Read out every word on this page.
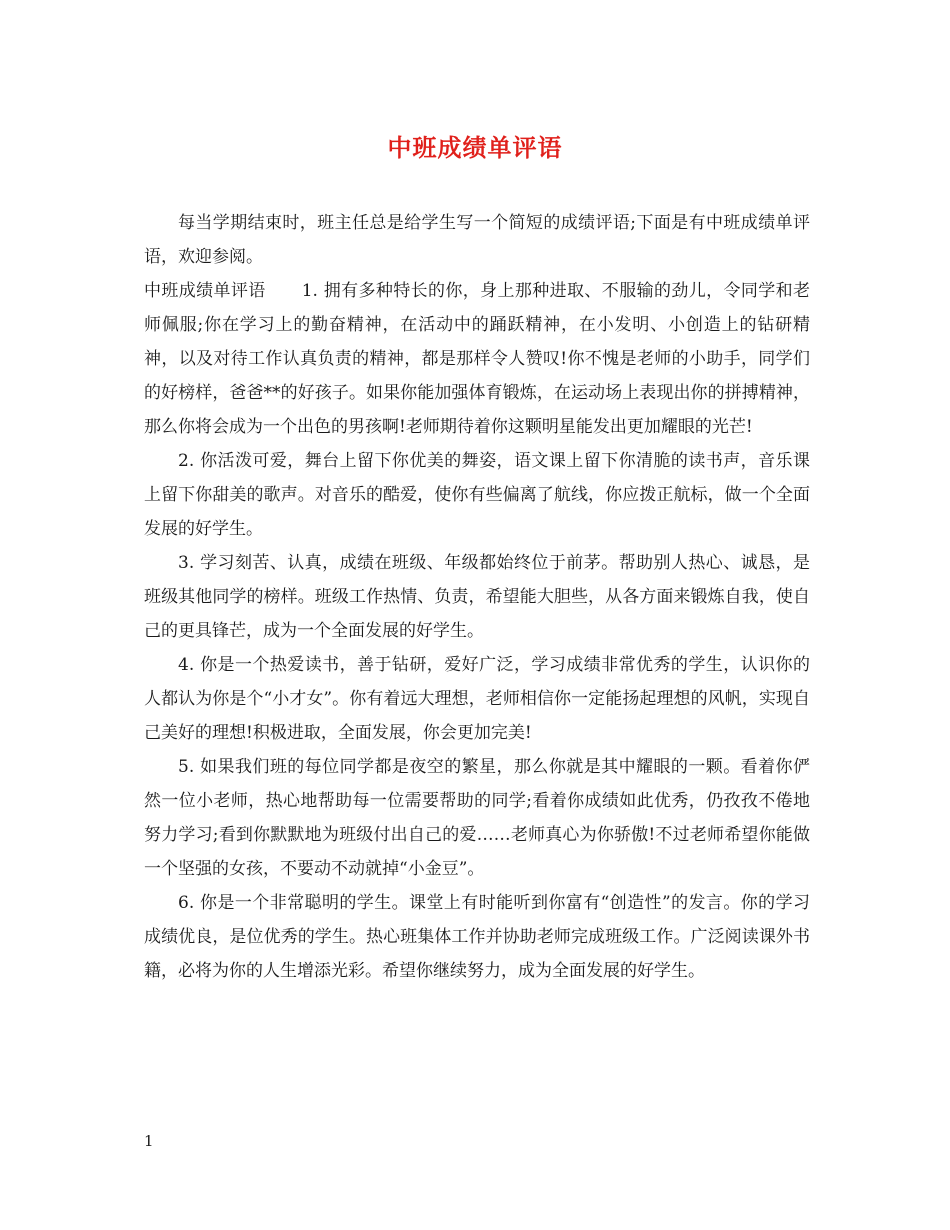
中班成绩单评语

每当学期结束时，班主任总是给学生写一个简短的成绩评语;下面是有中班成绩单评语，欢迎参阅。

中班成绩单评语 1. 拥有多种特长的你，身上那种进取、不服输的劲儿，令同学和老师佩服;你在学习上的勤奋精神，在活动中的踊跃精神，在小发明、小创造上的钻研精神，以及对待工作认真负责的精神，都是那样令人赞叹!你不愧是老师的小助手，同学们的好榜样，爸爸**的好孩子。如果你能加强体育锻炼，在运动场上表现出你的拼搏精神，那么你将会成为一个出色的男孩啊!老师期待着你这颗明星能发出更加耀眼的光芒!

2. 你活泼可爱，舞台上留下你优美的舞姿，语文课上留下你清脆的读书声，音乐课上留下你甜美的歌声。对音乐的酷爱，使你有些偏离了航线，你应拨正航标，做一个全面发展的好学生。

3. 学习刻苦、认真，成绩在班级、年级都始终位于前茅。帮助别人热心、诚恳，是班级其他同学的榜样。班级工作热情、负责，希望能大胆些，从各方面来锻炼自我，使自己的更具锋芒，成为一个全面发展的好学生。

4. 你是一个热爱读书，善于钻研，爱好广泛，学习成绩非常优秀的学生，认识你的人都认为你是个“小才女”。你有着远大理想，老师相信你一定能扬起理想的风帆，实现自己美好的理想!积极进取，全面发展，你会更加完美!

5. 如果我们班的每位同学都是夜空的繁星，那么你就是其中耀眼的一颗。看着你俨然一位小老师，热心地帮助每一位需要帮助的同学;看着你成绩如此优秀，仍孜孜不倦地努力学习;看到你默默地为班级付出自己的爱……老师真心为你骄傲!不过老师希望你能做一个坚强的女孩，不要动不动就掉“小金豆”。

6. 你是一个非常聪明的学生。课堂上有时能听到你富有“创造性”的发言。你的学习成绩优良，是位优秀的学生。热心班集体工作并协助老师完成班级工作。广泛阅读课外书籍，必将为你的人生增添光彩。希望你继续努力，成为全面发展的好学生。

1
